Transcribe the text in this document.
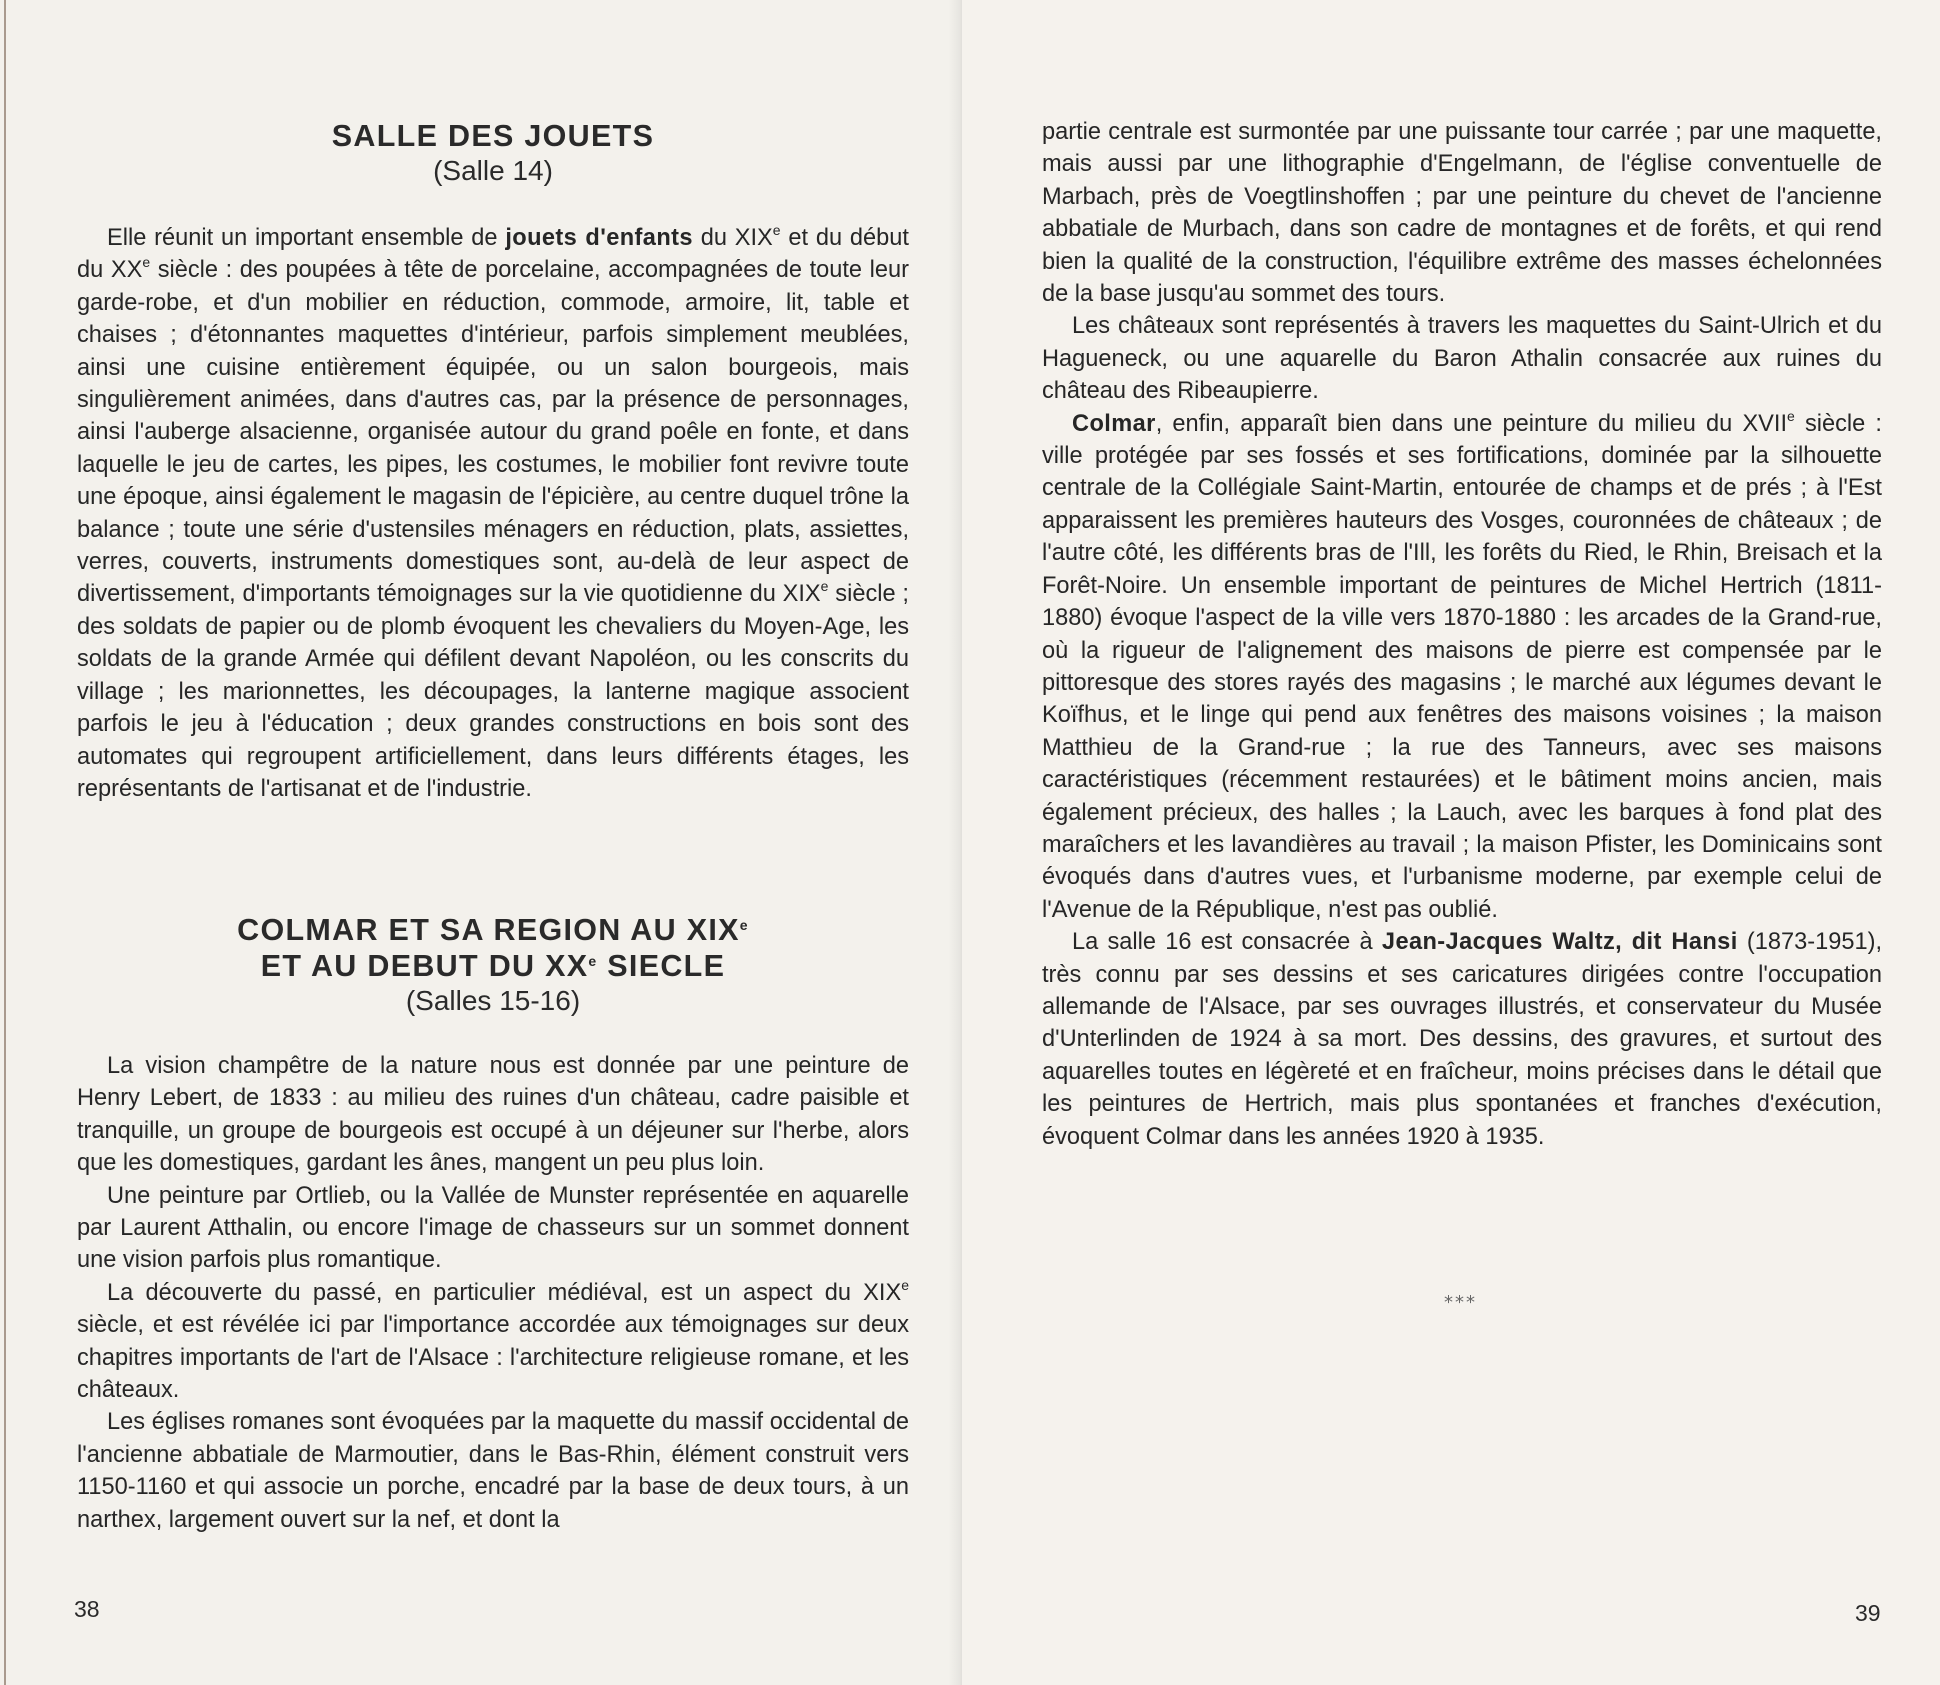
SALLE DES JOUETS

(Salle 14)

Elle réunit un important ensemble de jouets d'enfants du XIXe et du début du XXe siècle : des poupées à tête de porcelaine, accompagnées de toute leur garde-robe, et d'un mobilier en réduction, commode, armoire, lit, table et chaises ; d'étonnantes maquettes d'intérieur, parfois simplement meublées, ainsi une cuisine entièrement équipée, ou un salon bourgeois, mais singulièrement animées, dans d'autres cas, par la présence de personnages, ainsi l'auberge alsacienne, organisée autour du grand poêle en fonte, et dans laquelle le jeu de cartes, les pipes, les costumes, le mobilier font revivre toute une époque, ainsi également le magasin de l'épicière, au centre duquel trône la balance ; toute une série d'ustensiles ménagers en réduction, plats, assiettes, verres, couverts, instruments domestiques sont, au-delà de leur aspect de divertissement, d'importants témoignages sur la vie quotidienne du XIXe siècle ; des soldats de papier ou de plomb évoquent les chevaliers du Moyen-Age, les soldats de la grande Armée qui défilent devant Napoléon, ou les conscrits du village ; les marionnettes, les découpages, la lanterne magique associent parfois le jeu à l'éducation ; deux grandes constructions en bois sont des automates qui regroupent artificiellement, dans leurs différents étages, les représentants de l'artisanat et de l'industrie.

COLMAR ET SA REGION AU XIXe

ET AU DEBUT DU XXe SIECLE

(Salles 15-16)

La vision champêtre de la nature nous est donnée par une peinture de Henry Lebert, de 1833 : au milieu des ruines d'un château, cadre paisible et tranquille, un groupe de bourgeois est occupé à un déjeuner sur l'herbe, alors que les domestiques, gardant les ânes, mangent un peu plus loin.

Une peinture par Ortlieb, ou la Vallée de Munster représentée en aquarelle par Laurent Atthalin, ou encore l'image de chasseurs sur un sommet donnent une vision parfois plus romantique.

La découverte du passé, en particulier médiéval, est un aspect du XIXe siècle, et est révélée ici par l'importance accordée aux témoignages sur deux chapitres importants de l'art de l'Alsace : l'architecture religieuse romane, et les châteaux.

Les églises romanes sont évoquées par la maquette du massif occidental de l'ancienne abbatiale de Marmoutier, dans le Bas-Rhin, élément construit vers 1150-1160 et qui associe un porche, encadré par la base de deux tours, à un narthex, largement ouvert sur la nef, et dont la

38

partie centrale est surmontée par une puissante tour carrée ; par une maquette, mais aussi par une lithographie d'Engelmann, de l'église conventuelle de Marbach, près de Voegtlinshoffen ; par une peinture du chevet de l'ancienne abbatiale de Murbach, dans son cadre de montagnes et de forêts, et qui rend bien la qualité de la construction, l'équilibre extrême des masses échelonnées de la base jusqu'au sommet des tours.

Les châteaux sont représentés à travers les maquettes du Saint-Ulrich et du Hagueneck, ou une aquarelle du Baron Athalin consacrée aux ruines du château des Ribeaupierre.

Colmar, enfin, apparaît bien dans une peinture du milieu du XVIIe siècle : ville protégée par ses fossés et ses fortifications, dominée par la silhouette centrale de la Collégiale Saint-Martin, entourée de champs et de prés ; à l'Est apparaissent les premières hauteurs des Vosges, couronnées de châteaux ; de l'autre côté, les différents bras de l'Ill, les forêts du Ried, le Rhin, Breisach et la Forêt-Noire. Un ensemble important de peintures de Michel Hertrich (1811-1880) évoque l'aspect de la ville vers 1870-1880 : les arcades de la Grand-rue, où la rigueur de l'alignement des maisons de pierre est compensée par le pittoresque des stores rayés des magasins ; le marché aux légumes devant le Koïfhus, et le linge qui pend aux fenêtres des maisons voisines ; la maison Matthieu de la Grand-rue ; la rue des Tanneurs, avec ses maisons caractéristiques (récemment restaurées) et le bâtiment moins ancien, mais également précieux, des halles ; la Lauch, avec les barques à fond plat des maraîchers et les lavandières au travail ; la maison Pfister, les Dominicains sont évoqués dans d'autres vues, et l'urbanisme moderne, par exemple celui de l'Avenue de la République, n'est pas oublié.

La salle 16 est consacrée à Jean-Jacques Waltz, dit Hansi (1873-1951), très connu par ses dessins et ses caricatures dirigées contre l'occupation allemande de l'Alsace, par ses ouvrages illustrés, et conservateur du Musée d'Unterlinden de 1924 à sa mort. Des dessins, des gravures, et surtout des aquarelles toutes en légèreté et en fraîcheur, moins précises dans le détail que les peintures de Hertrich, mais plus spontanées et franches d'exécution, évoquent Colmar dans les années 1920 à 1935.

***
39
